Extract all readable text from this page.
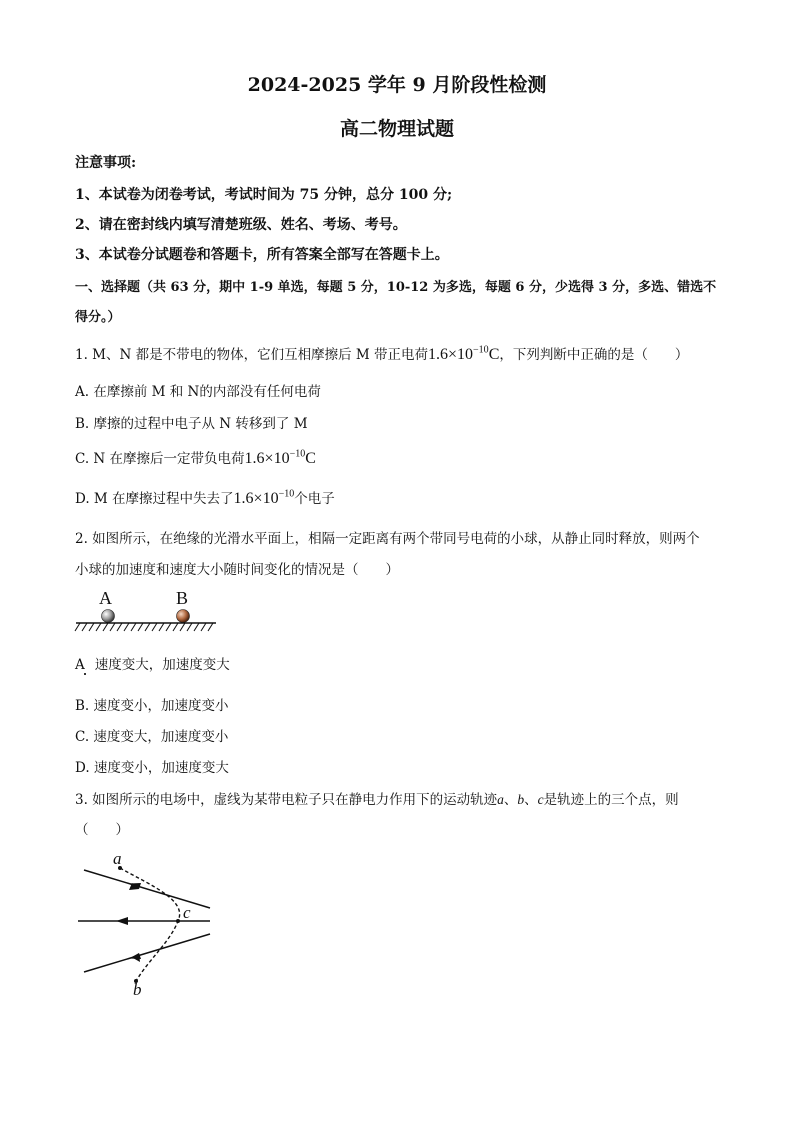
2024-2025 学年 9 月阶段性检测
高二物理试题
注意事项:
1、本试卷为闭卷考试，考试时间为 75 分钟，总分 100 分;
2、请在密封线内填写清楚班级、姓名、考场、考号。
3、本试卷分试题卷和答题卡，所有答案全部写在答题卡上。
一、选择题（共 63 分，期中 1-9 单选，每题 5 分，10-12 为多选，每题 6 分，少选得 3 分，多选、错选不
得分。）
1. M、N 都是不带电的物体，它们互相摩擦后 M 带正电荷$1.6\times 10^{-10}C$，下列判断中正确的是（　　）
A. 在摩擦前 M 和 N的内部没有任何电荷
B. 摩擦的过程中电子从 N 转移到了 M
C. N 在摩擦后一定带负电荷$1.6\times 10^{-10}C$
D. M 在摩擦过程中失去了$1.6\times 10^{-10}$个电子
2. 如图所示，在绝缘的光滑水平面上，相隔一定距离有两个带同号电荷的小球，从静止同时释放，则两个
小球的加速度和速度大小随时间变化的情况是（　　）
A	B
A 速度变大，加速度变大
B. 速度变小，加速度变小
C. 速度变大，加速度变小
D. 速度变小，加速度变大
3. 如图所示的电场中，虚线为某带电粒子只在静电力作用下的运动轨迹a、b、c是轨迹上的三个点，则
（　　）
a
c
b
